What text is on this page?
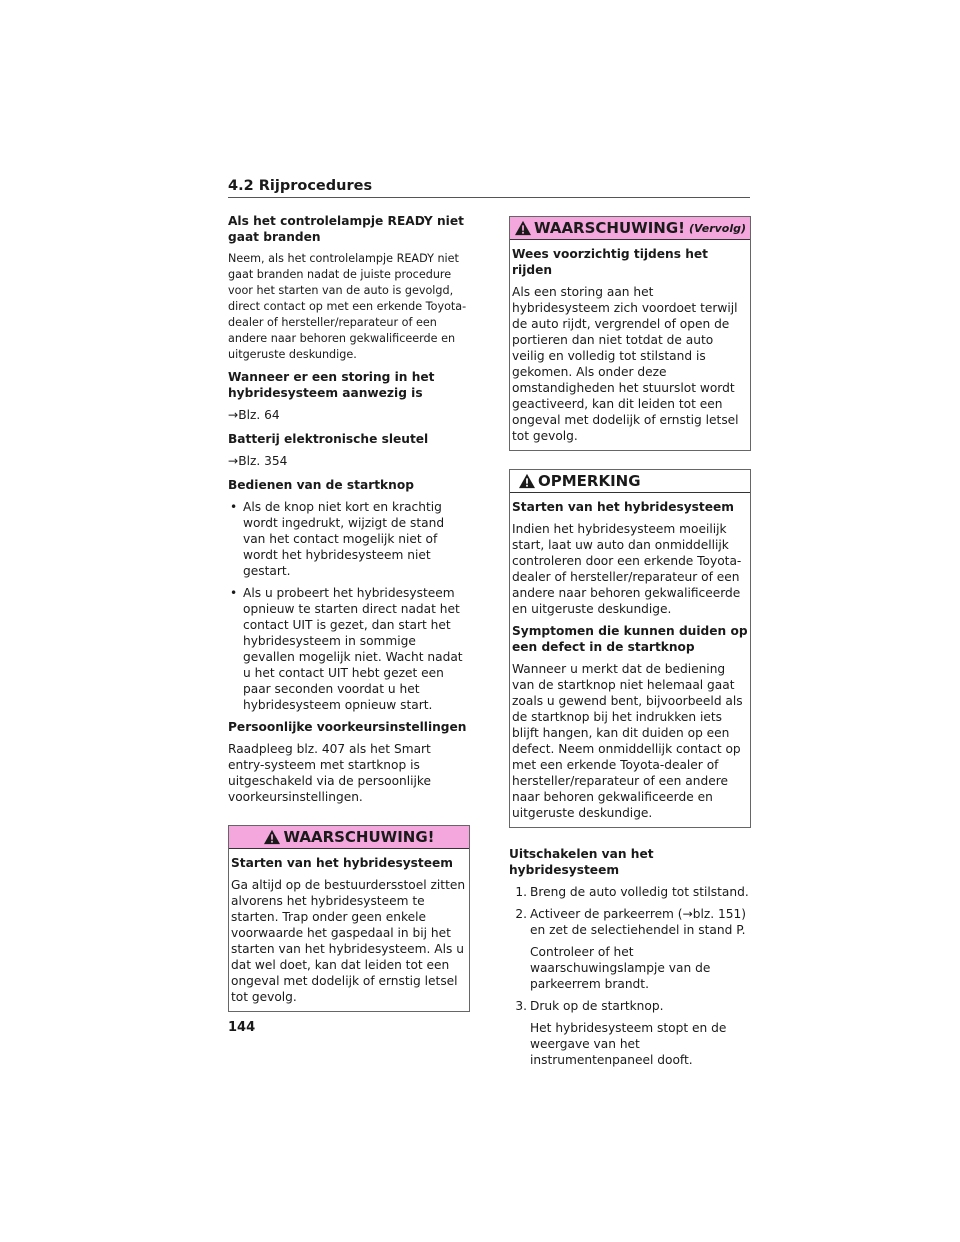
4.2 Rijprocedures
Als het controlelampje READY niet gaat branden
Neem, als het controlelampje READY niet gaat branden nadat de juiste procedure voor het starten van de auto is gevolgd, direct contact op met een erkende Toyota-dealer of hersteller/reparateur of een andere naar behoren gekwalificeerde en uitgeruste deskundige.
Wanneer er een storing in het hybridesysteem aanwezig is
→Blz. 64
Batterij elektronische sleutel
→Blz. 354
Bedienen van de startknop
• Als de knop niet kort en krachtig wordt ingedrukt, wijzigt de stand van het contact mogelijk niet of wordt het hybridesysteem niet gestart.
• Als u probeert het hybridesysteem opnieuw te starten direct nadat het contact UIT is gezet, dan start het hybridesysteem in sommige gevallen mogelijk niet. Wacht nadat u het contact UIT hebt gezet een paar seconden voordat u het hybridesysteem opnieuw start.
Persoonlijke voorkeursinstellingen
Raadpleeg blz. 407 als het Smart entry-systeem met startknop is uitgeschakeld via de persoonlijke voorkeursinstellingen.
WAARSCHUWING!
Starten van het hybridesysteem
Ga altijd op de bestuurdersstoel zitten alvorens het hybridesysteem te starten. Trap onder geen enkele voorwaarde het gaspedaal in bij het starten van het hybridesysteem. Als u dat wel doet, kan dat leiden tot een ongeval met dodelijk of ernstig letsel tot gevolg.
WAARSCHUWING! (Vervolg)
Wees voorzichtig tijdens het rijden
Als een storing aan het hybridesysteem zich voordoet terwijl de auto rijdt, vergrendel of open de portieren dan niet totdat de auto veilig en volledig tot stilstand is gekomen. Als onder deze omstandigheden het stuurslot wordt geactiveerd, kan dit leiden tot een ongeval met dodelijk of ernstig letsel tot gevolg.
OPMERKING
Starten van het hybridesysteem
Indien het hybridesysteem moeilijk start, laat uw auto dan onmiddellijk controleren door een erkende Toyota-dealer of hersteller/reparateur of een andere naar behoren gekwalificeerde en uitgeruste deskundige.
Symptomen die kunnen duiden op een defect in de startknop
Wanneer u merkt dat de bediening van de startknop niet helemaal gaat zoals u gewend bent, bijvoorbeeld als de startknop bij het indrukken iets blijft hangen, kan dit duiden op een defect. Neem onmiddellijk contact op met een erkende Toyota-dealer of hersteller/reparateur of een andere naar behoren gekwalificeerde en uitgeruste deskundige.
Uitschakelen van het hybridesysteem
1. Breng de auto volledig tot stilstand.
2. Activeer de parkeerrem (→blz. 151) en zet de selectiehendel in stand P.
Controleer of het waarschuwingslampje van de parkeerrem brandt.
3. Druk op de startknop.
Het hybridesysteem stopt en de weergave van het instrumentenpaneel dooft.
144
